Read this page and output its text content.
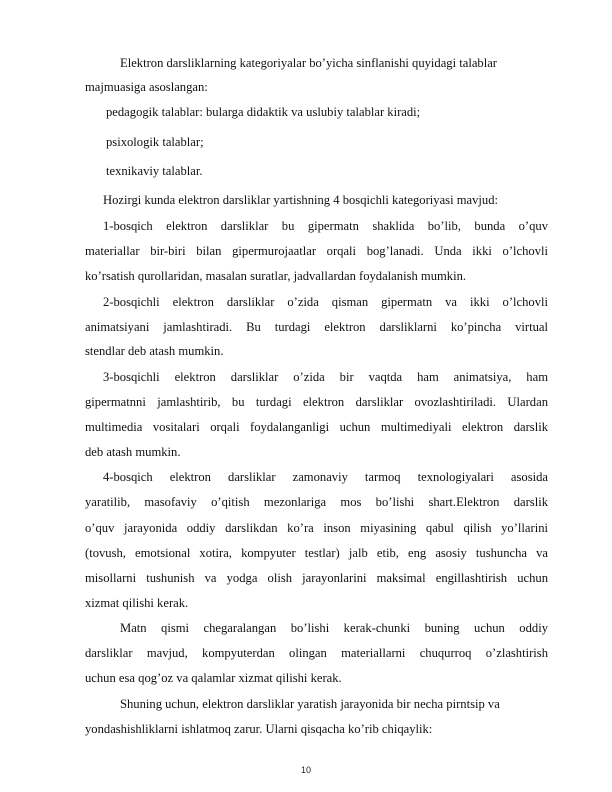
Elektron darsliklarning kategoriyalar bo’yicha sinflanishi quyidagi talablar
majmuasiga asoslangan:
pedagogik talablar: bularga didaktik va uslubiy talablar kiradi;
psixologik talablar;
texnikaviy talablar.
Hozirgi kunda elektron darsliklar yartishning 4 bosqichli kategoriyasi mavjud:
1-bosqich elektron darsliklar bu gipermatn shaklida bo’lib, bunda o’quv
materiallar bir-biri bilan gipermurojaatlar orqali bog’lanadi. Unda ikki o’lchovli
ko’rsatish qurollaridan, masalan suratlar, jadvallardan foydalanish mumkin.
2-bosqichli elektron darsliklar o’zida qisman gipermatn va ikki o’lchovli
animatsiyani jamlashtiradi. Bu turdagi elektron darsliklarni ko’pincha virtual
stendlar deb atash mumkin.
3-bosqichli elektron darsliklar o’zida bir vaqtda ham animatsiya, ham
gipermatnni jamlashtirib, bu turdagi elektron darsliklar ovozlashtiriladi. Ulardan
multimedia vositalari orqali foydalanganligi uchun multimediyali elektron darslik
deb atash mumkin.
4-bosqich elektron darsliklar zamonaviy tarmoq texnologiyalari asosida
yaratilib, masofaviy o’qitish mezonlariga mos bo’lishi shart.Elektron darslik
o’quv jarayonida oddiy darslikdan ko’ra inson miyasining qabul qilish yo’llarini
(tovush, emotsional xotira, kompyuter testlar) jalb etib, eng asosiy tushuncha va
misollarni tushunish va yodga olish jarayonlarini maksimal engillashtirish uchun
xizmat qilishi kerak.
Matn qismi chegaralangan bo’lishi kerak-chunki buning uchun oddiy
darsliklar mavjud, kompyuterdan olingan materiallarni chuqurroq o’zlashtirish
uchun esa qog’oz va qalamlar xizmat qilishi kerak.
Shuning uchun, elektron darsliklar yaratish jarayonida bir necha pirntsip va
yondashishliklarni ishlatmoq zarur. Ularni qisqacha ko’rib chiqaylik:
10
